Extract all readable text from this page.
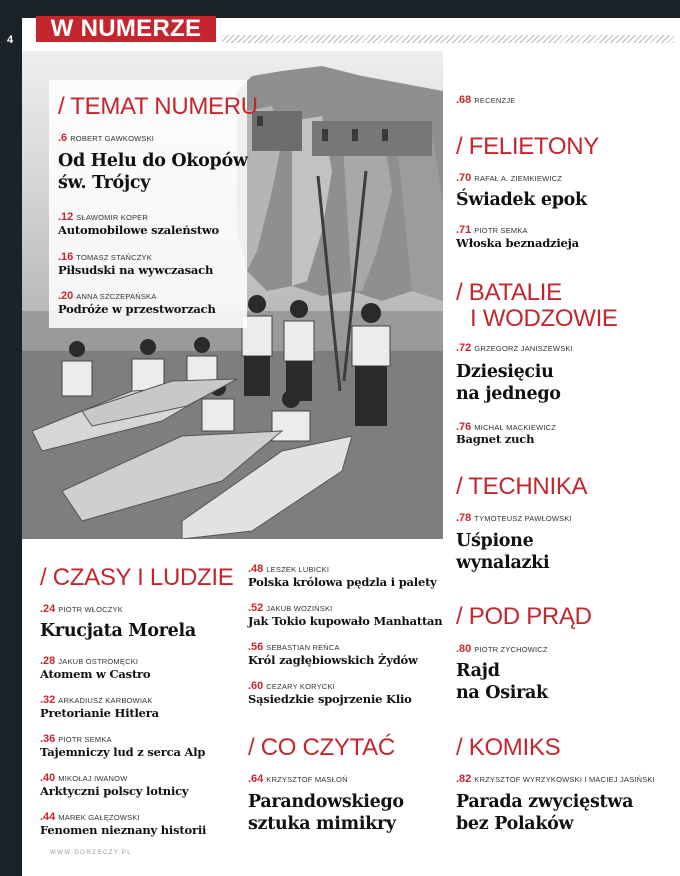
4	W NUMERZE
/ TEMAT NUMERU
.6 ROBERT GAWKOWSKI
Od Helu do Okopów
św. Trójcy
.12 SŁAWOMIR KOPER
Automobilowe szaleństwo
.16 TOMASZ STAŃCZYK
Piłsudski na wywczasach
.20 ANNA SZCZEPAŃSKA
Podróże w przestworzach
.68 RECENZJE
/ FELIETONY
.70 RAFAŁ A. ZIEMKIEWICZ
Świadek epok
.71 PIOTR SEMKA
Włoska beznadzieja
/ BATALIE
I WODZOWIE
.72 GRZEGORZ JANISZEWSKI
Dziesięciu
na jednego
.76 MICHAŁ MACKIEWICZ
Bagnet zuch
/ TECHNIKA
.78 TYMOTEUSZ PAWŁOWSKI
Uśpione
wynalazki
/ POD PRĄD
.80 PIOTR ZYCHOWICZ
Rajd
na Osirak
/ KOMIKS
.82 KRZYSZTOF WYRZYKOWSKI I MACIEJ JASIŃSKI
Parada zwycięstwa
bez Polaków
/ CZASY I LUDZIE
.24 PIOTR WŁOCZYK
Krucjata Morela
.28 JAKUB OSTROMĘCKI
Atomem w Castro
.32 ARKADIUSZ KARBOWIAK
Pretorianie Hitlera
.36 PIOTR SEMKA
Tajemniczy lud z serca Alp
.40 MIKOŁAJ IWANOW
Arktyczni polscy lotnicy
.44 MAREK GAŁĘZOWSKI
Fenomen nieznany historii
.48 LESZEK LUBICKI
Polska królowa pędzla i palety
.52 JAKUB WOZIŃSKI
Jak Tokio kupowało Manhattan
.56 SEBASTIAN REŃCA
Król zagłębiowskich Żydów
.60 CEZARY KORYCKI
Sąsiedzkie spojrzenie Klio
/ CO CZYTAĆ
.64 KRZYSZTOF MASŁOŃ
Parandowskiego
sztuka mimikry
WWW.DORZECZY.PL
